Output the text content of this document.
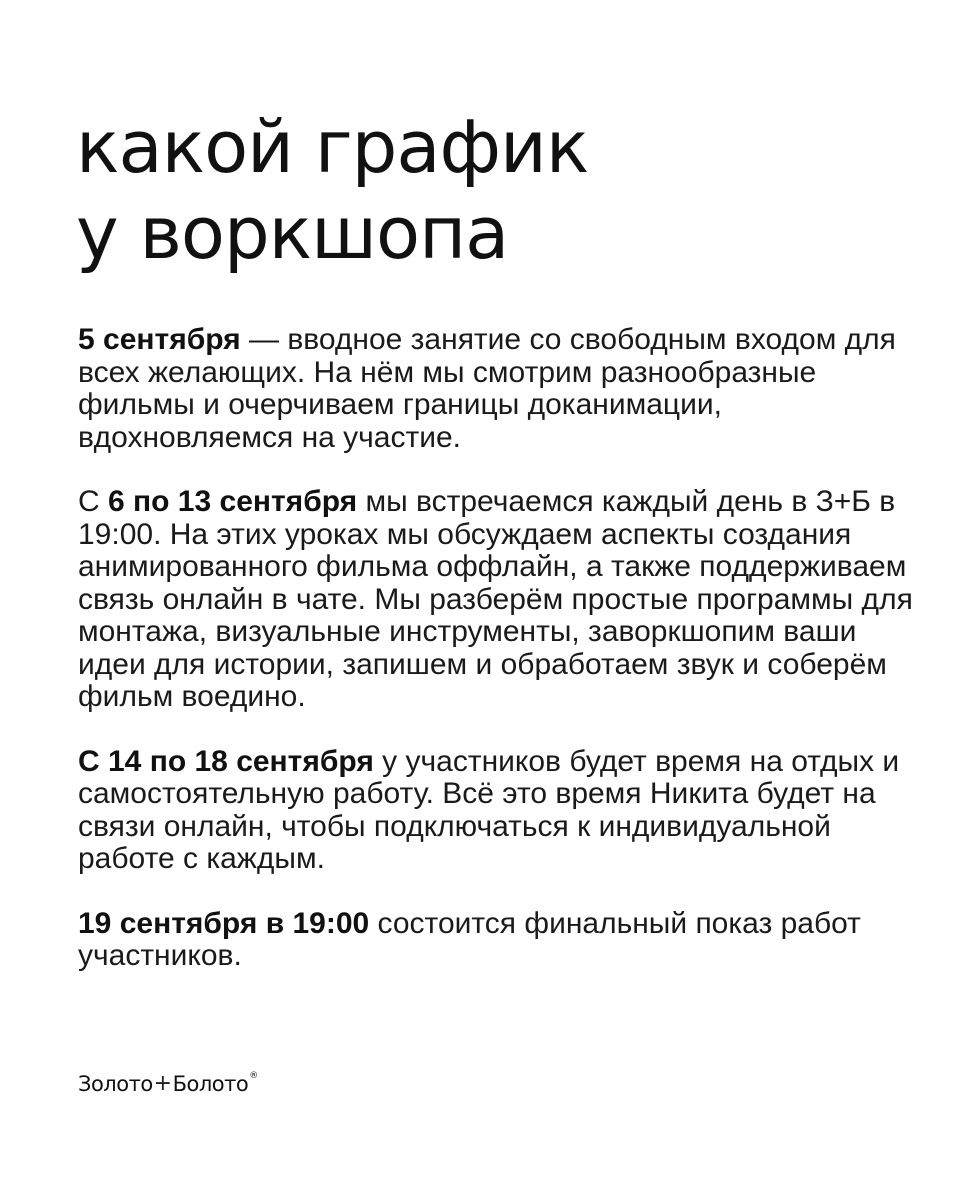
какой график
у воркшопа

5 сентября — вводное занятие со свободным входом для всех желающих. На нём мы смотрим разнообразные фильмы и очерчиваем границы доканимации, вдохновляемся на участие.

С 6 по 13 сентября мы встречаемся каждый день в З+Б в 19:00. На этих уроках мы обсуждаем аспекты создания анимированного фильма оффлайн, а также поддерживаем связь онлайн в чате. Мы разберём простые программы для монтажа, визуальные инструменты, заворкшопим ваши идеи для истории, запишем и обработаем звук и соберём фильм воедино.

С 14 по 18 сентября у участников будет время на отдых и самостоятельную работу. Всё это время Никита будет на связи онлайн, чтобы подключаться к индивидуальной работе с каждым.

19 сентября в 19:00 состоится финальный показ работ участников.

Золото + Болото ®
